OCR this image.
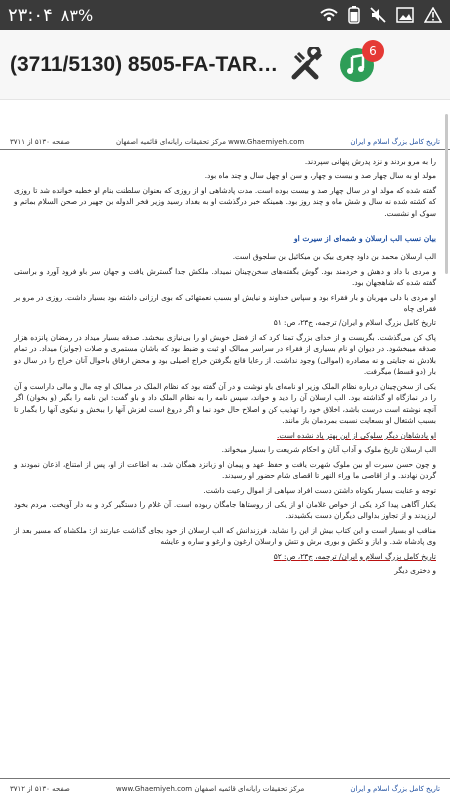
۲۳:۰۴ ۸۳%
(3711/5130) 8505-FA-TAR…
6
صفحه ۵۱۳۰ از ۳۷۱۱	مرکز تحقیقات رایانه‌ای قائمیه اصفهان www.Ghaemiyeh.com	تاریخ کامل بزرگ اسلام و ایران

را به مرو بردند و نزد پدرش پنهانی سپردند.

مولد او به سال چهار صد و بیست و چهار، و سن او چهل سال و چند ماه بود.

گفته شده که مولد او در سال چهار صد و بیست بوده است. مدت پادشاهی او از روزی که بعنوان سلطنت بنام او خطبه خوانده شد تا روزی که کشته شده نه سال و شش ماه و چند روز بود. همینکه خبر درگذشت او به بغداد رسید وزیر فخر الدوله بن جهیر در صحن السلام بماتم و سوک او نشست.

بیان نسب الب ارسلان و شمه‌ای از سیرت او

الب ارسلان محمد بن داود چغری بیک بن میکائیل بن سلجوق است.

و مردی با داد و دهش و خردمند بود. گوش بگفته‌های سخن‌چینان نمیداد. ملکش جدا گسترش یافت و جهان سر باو فرود آورد و براستی گفته شده که شاهجهان بود.

او مردی با دلی مهربان و بار فقراء بود و سپاس خداوند و نیایش او بسبب نعمتهائی که بوی ارزانی داشته بود بسیار داشت. روزی در مرو بر فقرای چاه

تاریخ کامل بزرگ اسلام و ایران/ ترجمه، ج۲۳، ص: ۵۱

پاک کن می‌گذشت. بگریست و از خدای بزرگ تمنا کرد که از فضل خویش او را بی‌نیازی ببخشد. صدقه بسیار میداد در رمضان پانزده هزار صدقه میبخشود. در دیوان او نام بسیاری از فقراء در سراسر ممالک او ثبت و ضبط بود که باشان مستمری و صلات (جوایز) میداد. در تمام بلادش نه جنایتی و نه مصادره (اموالی) وجود نداشت. از رعایا قانع بگرفتن خراج اصیلی بود و محض ارفاق باحوال آنان خراج را در سال دو بار (دو قسط) میگرفت.

یکی از سخن‌چینان درباره نظام الملک وزیر او نامه‌ای باو نوشت و در آن گفته بود که نظام الملک در ممالک او چه مال و مالی داراست و آن را در نمازگاه او گذاشته بود. الب ارسلان آن را دید و خواند، سپس نامه را به نظام الملک داد و باو گفت: این نامه را بگیر (و بخوان) اگر آنچه نوشته است درست باشد، اخلاق خود را تهذیب کن و اصلاح حال خود نما و اگر دروغ است لغزش آنها را ببخش و نیکوی آنها را بگمار تا بسبب اشتغال او بسعایت نسبت بمردمان باز مانند.

او پادشاهان دیگر سلوکی از این بهتر یاد نشده است.

الب ارسلان تاریخ ملوک و آداب آنان و احکام شریعت را بسیار میخواند.

و چون حسن سیرت او بین ملوک شهرت یافت و حفظ عهد و پیمان او زبانزد همگان شد. به اطاعت از او، پس از امتناع، اذعان نمودند و گردن نهادند. و از اقاصی ما وراء النهر تا اقصای شام حضور او رسیدند.

توجه و عنایت بسیار بکوتاه داشتن دست افراد سپاهی از اموال رعیت داشت.

یکبار آگاهی پیدا کرد یکی از خواص غلامان او از یکی از روستاها جامگان ربوده است. آن غلام را دستگیر کرد و به دار آویخت. مردم بخود لرزیدند و از تجاوز بداوالی دیگران دست بکشیدند.

مناقب او بسیار است و این کتاب بیش از این را نشاید. فرزندانش که الب ارسلان از خود بجای گذاشت عبارتند از: ملکشاه که مسیر بعد از وی پادشاه شد. و ایاز و تکش و بوری برش و تتش و ارسلان ارغون و ارغو و ساره و عایشه

تاریخ کامل بزرگ اسلام و ایران/ ترجمه، ج۲۳، ص: ۵۲

و دختری دیگر

صفحه ۵۱۳۰ از ۳۷۱۲	www.Ghaemiyeh.com مرکز تحقیقات رایانه‌ای قائمیه اصفهان	تاریخ کامل بزرگ اسلام و ایران
